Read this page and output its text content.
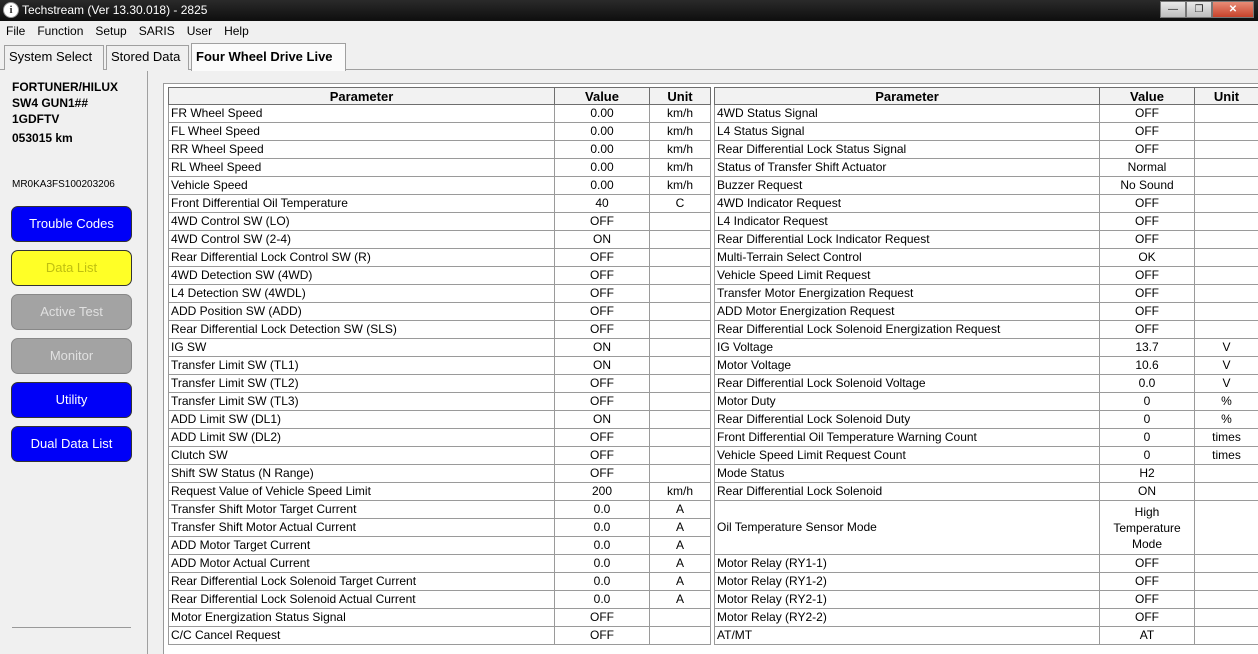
i Techstream (Ver 13.30.018) - 2825	—	❐	✕
File	Function	Setup	SARIS	User	Help
System Select	Stored Data	Four Wheel Drive Live
FORTUNER/HILUX
SW4 GUN1##
1GDFTV
053015 km
MR0KA3FS100203206
Trouble Codes
Data List
Active Test
Monitor
Utility
Dual Data List
Parameter	Value	Unit
FR Wheel Speed	0.00	km/h
FL Wheel Speed	0.00	km/h
RR Wheel Speed	0.00	km/h
RL Wheel Speed	0.00	km/h
Vehicle Speed	0.00	km/h
Front Differential Oil Temperature	40	C
4WD Control SW (LO)	OFF	
4WD Control SW (2-4)	ON	
Rear Differential Lock Control SW (R)	OFF	
4WD Detection SW (4WD)	OFF	
L4 Detection SW (4WDL)	OFF	
ADD Position SW (ADD)	OFF	
Rear Differential Lock Detection SW (SLS)	OFF	
IG SW	ON	
Transfer Limit SW (TL1)	ON	
Transfer Limit SW (TL2)	OFF	
Transfer Limit SW (TL3)	OFF	
ADD Limit SW (DL1)	ON	
ADD Limit SW (DL2)	OFF	
Clutch SW	OFF	
Shift SW Status (N Range)	OFF	
Request Value of Vehicle Speed Limit	200	km/h
Transfer Shift Motor Target Current	0.0	A
Transfer Shift Motor Actual Current	0.0	A
ADD Motor Target Current	0.0	A
ADD Motor Actual Current	0.0	A
Rear Differential Lock Solenoid Target Current	0.0	A
Rear Differential Lock Solenoid Actual Current	0.0	A
Motor Energization Status Signal	OFF	
C/C Cancel Request	OFF	
Parameter	Value	Unit
4WD Status Signal	OFF	
L4 Status Signal	OFF	
Rear Differential Lock Status Signal	OFF	
Status of Transfer Shift Actuator	Normal	
Buzzer Request	No Sound	
4WD Indicator Request	OFF	
L4 Indicator Request	OFF	
Rear Differential Lock Indicator Request	OFF	
Multi-Terrain Select Control	OK	
Vehicle Speed Limit Request	OFF	
Transfer Motor Energization Request	OFF	
ADD Motor Energization Request	OFF	
Rear Differential Lock Solenoid Energization Request	OFF	
IG Voltage	13.7	V
Motor Voltage	10.6	V
Rear Differential Lock Solenoid Voltage	0.0	V
Motor Duty	0	%
Rear Differential Lock Solenoid Duty	0	%
Front Differential Oil Temperature Warning Count	0	times
Vehicle Speed Limit Request Count	0	times
Mode Status	H2	
Rear Differential Lock Solenoid	ON	
Oil Temperature Sensor Mode	High
Temperature
Mode	
Motor Relay (RY1-1)	OFF	
Motor Relay (RY1-2)	OFF	
Motor Relay (RY2-1)	OFF	
Motor Relay (RY2-2)	OFF	
AT/MT	AT	
